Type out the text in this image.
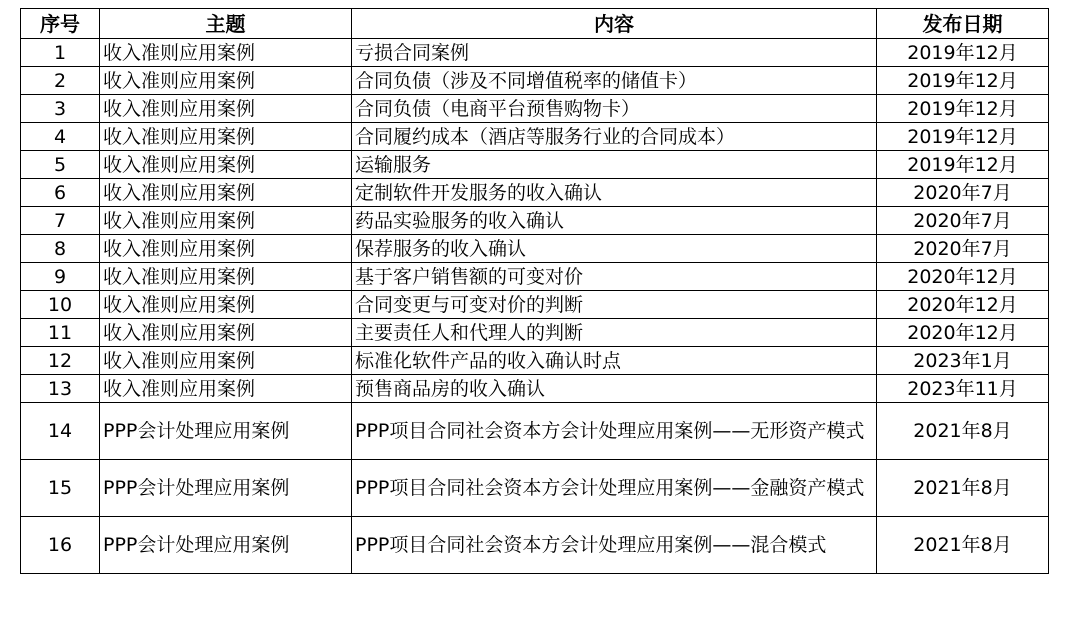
序号	主题	内容	发布日期
1	收入准则应用案例	亏损合同案例	2019年12月
2	收入准则应用案例	合同负债（涉及不同增值税率的储值卡）	2019年12月
3	收入准则应用案例	合同负债（电商平台预售购物卡）	2019年12月
4	收入准则应用案例	合同履约成本（酒店等服务行业的合同成本）	2019年12月
5	收入准则应用案例	运输服务	2019年12月
6	收入准则应用案例	定制软件开发服务的收入确认	2020年7月
7	收入准则应用案例	药品实验服务的收入确认	2020年7月
8	收入准则应用案例	保荐服务的收入确认	2020年7月
9	收入准则应用案例	基于客户销售额的可变对价	2020年12月
10	收入准则应用案例	合同变更与可变对价的判断	2020年12月
11	收入准则应用案例	主要责任人和代理人的判断	2020年12月
12	收入准则应用案例	标准化软件产品的收入确认时点	2023年1月
13	收入准则应用案例	预售商品房的收入确认	2023年11月
14	PPP会计处理应用案例	PPP项目合同社会资本方会计处理应用案例——无形资产模式	2021年8月
15	PPP会计处理应用案例	PPP项目合同社会资本方会计处理应用案例——金融资产模式	2021年8月
16	PPP会计处理应用案例	PPP项目合同社会资本方会计处理应用案例——混合模式	2021年8月
